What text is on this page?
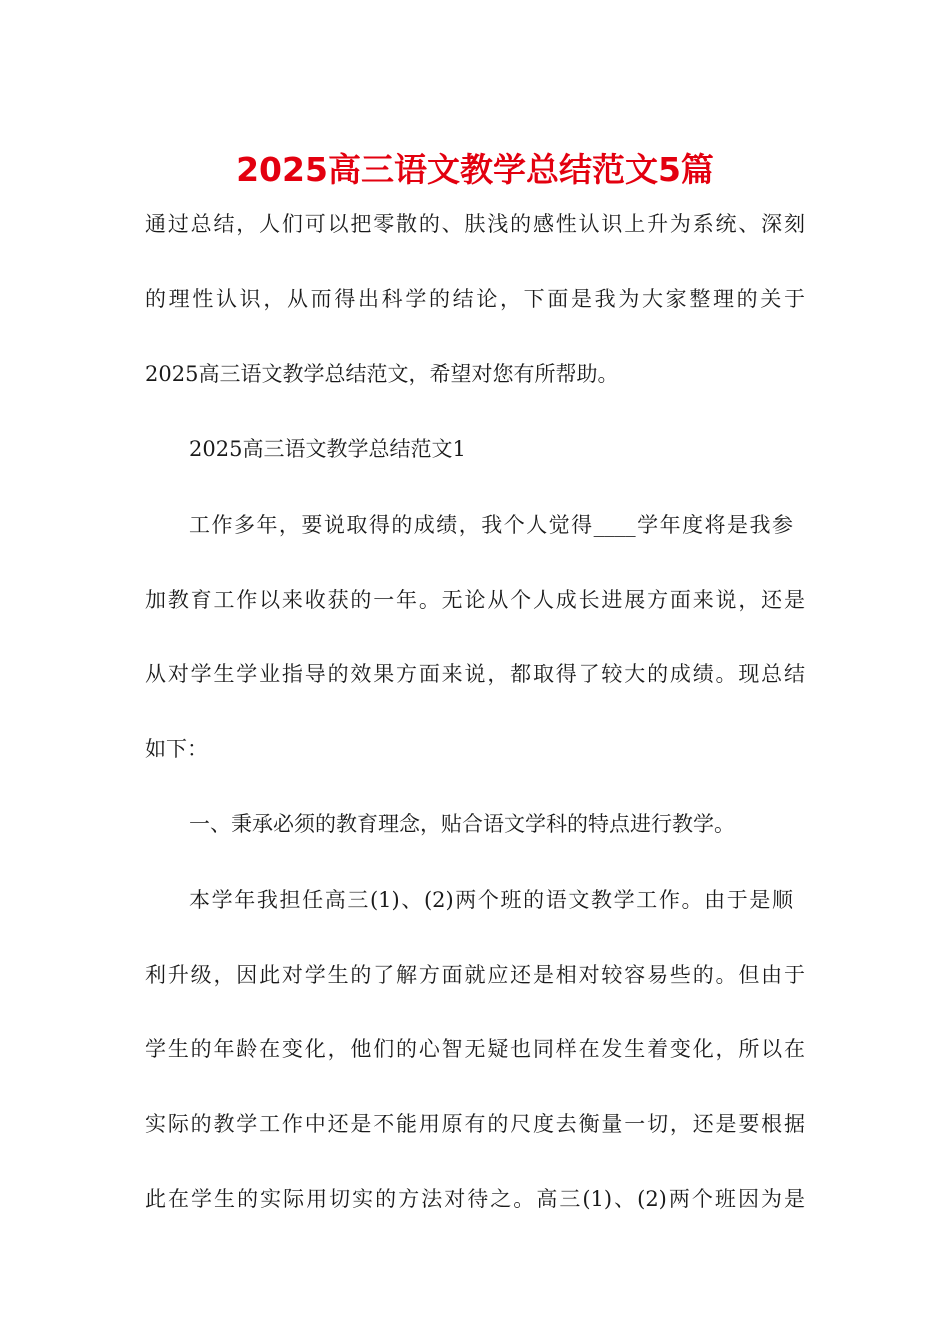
2025高三语文教学总结范文5篇

通过总结，人们可以把零散的、肤浅的感性认识上升为系统、深刻

的理性认识，从而得出科学的结论，下面是我为大家整理的关于

2025高三语文教学总结范文，希望对您有所帮助。

2025高三语文教学总结范文1

工作多年，要说取得的成绩，我个人觉得____学年度将是我参

加教育工作以来收获的一年。无论从个人成长进展方面来说，还是

从对学生学业指导的效果方面来说，都取得了较大的成绩。现总结

如下：

一、秉承必须的教育理念，贴合语文学科的特点进行教学。

本学年我担任高三(1)、(2)两个班的语文教学工作。由于是顺

利升级，因此对学生的了解方面就应还是相对较容易些的。但由于

学生的年龄在变化，他们的心智无疑也同样在发生着变化，所以在

实际的教学工作中还是不能用原有的尺度去衡量一切，还是要根据

此在学生的实际用切实的方法对待之。高三(1)、(2)两个班因为是
